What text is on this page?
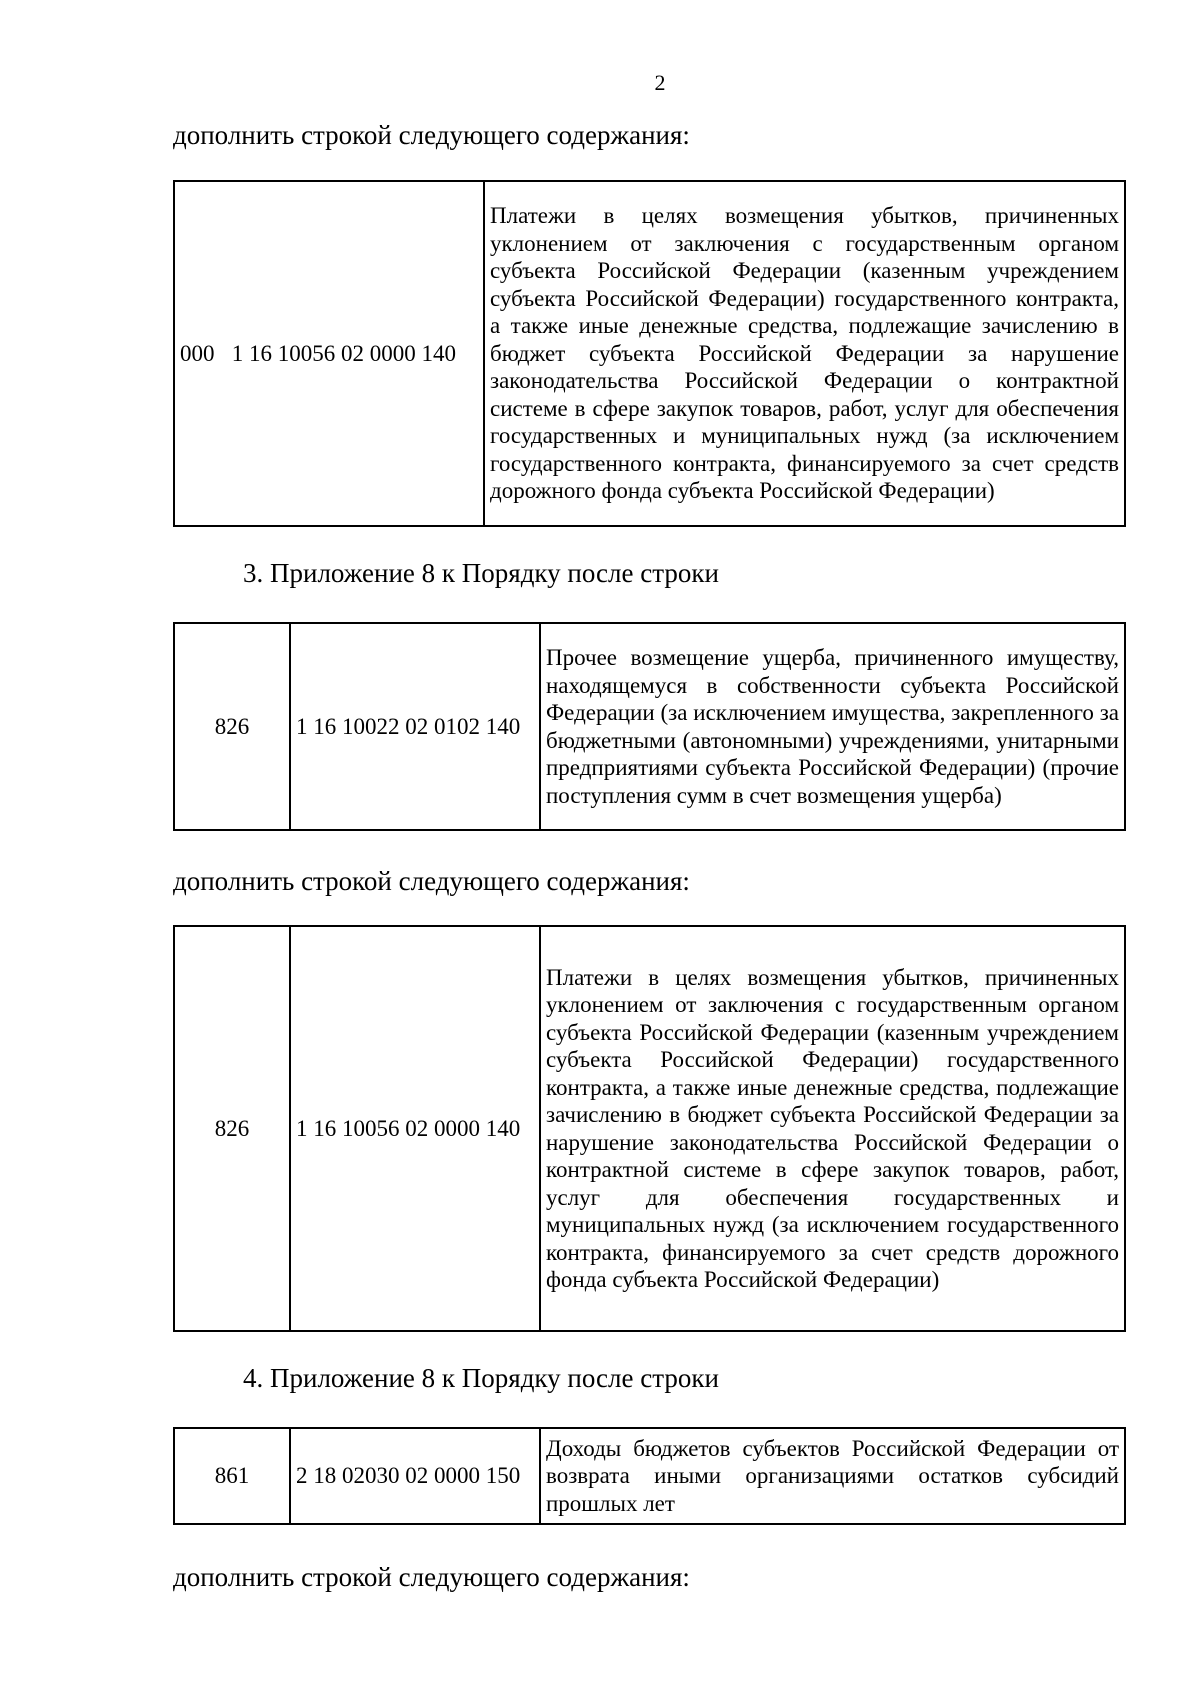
2
дополнить строкой следующего содержания:
000   1 16 10056 02 0000 140	Платежи в целях возмещения убытков, причиненных уклонением от заключения с государственным органом субъекта Российской Федерации (казенным учреждением субъекта Российской Федерации) государственного контракта, а также иные денежные средства, подлежащие зачислению в бюджет субъекта Российской Федерации за нарушение законодательства Российской Федерации о контрактной системе в сфере закупок товаров, работ, услуг для обеспечения государственных и муниципальных нужд (за исключением государственного контракта, финансируемого за счет средств дорожного фонда субъекта Российской Федерации)
3. Приложение 8 к Порядку после строки
826	1 16 10022 02 0102 140	Прочее возмещение ущерба, причиненного имуществу, находящемуся в собственности субъекта Российской Федерации (за исключением имущества, закрепленного за бюджетными (автономными) учреждениями, унитарными предприятиями субъекта Российской Федерации) (прочие поступления сумм в счет возмещения ущерба)
дополнить строкой следующего содержания:
826	1 16 10056 02 0000 140	Платежи в целях возмещения убытков, причиненных уклонением от заключения с государственным органом субъекта Российской Федерации (казенным учреждением субъекта Российской Федерации) государственного контракта, а также иные денежные средства, подлежащие зачислению в бюджет субъекта Российской Федерации за нарушение законодательства Российской Федерации о контрактной системе в сфере закупок товаров, работ, услуг для обеспечения государственных и муниципальных нужд (за исключением государственного контракта, финансируемого за счет средств дорожного фонда субъекта Российской Федерации)
4. Приложение 8 к Порядку после строки
861	2 18 02030 02 0000 150	Доходы бюджетов субъектов Российской Федерации от возврата иными организациями остатков субсидий прошлых лет
дополнить строкой следующего содержания:
